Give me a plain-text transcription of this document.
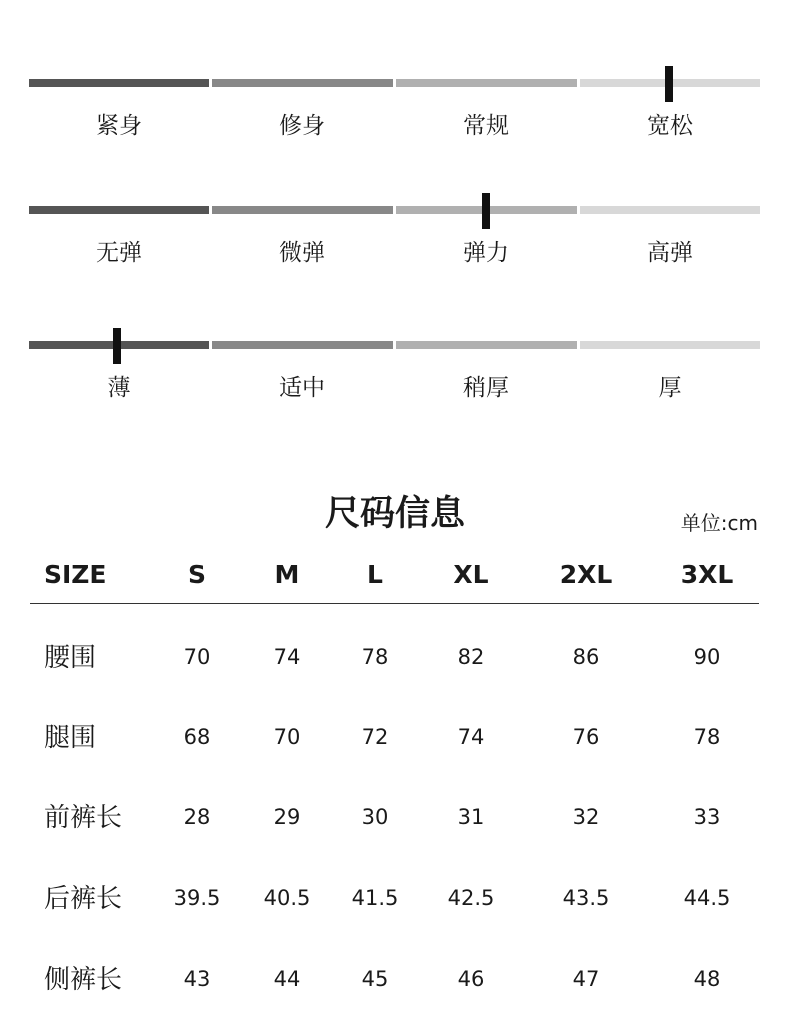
紧身	修身	常规	宽松
无弹	微弹	弹力	高弹
薄	适中	稍厚	厚
尺码信息	单位:cm
SIZE	S	M	L	XL	2XL	3XL
腰围	70	74	78	82	86	90
腿围	68	70	72	74	76	78
前裤长	28	29	30	31	32	33
后裤长	39.5	40.5	41.5	42.5	43.5	44.5
侧裤长	43	44	45	46	47	48
